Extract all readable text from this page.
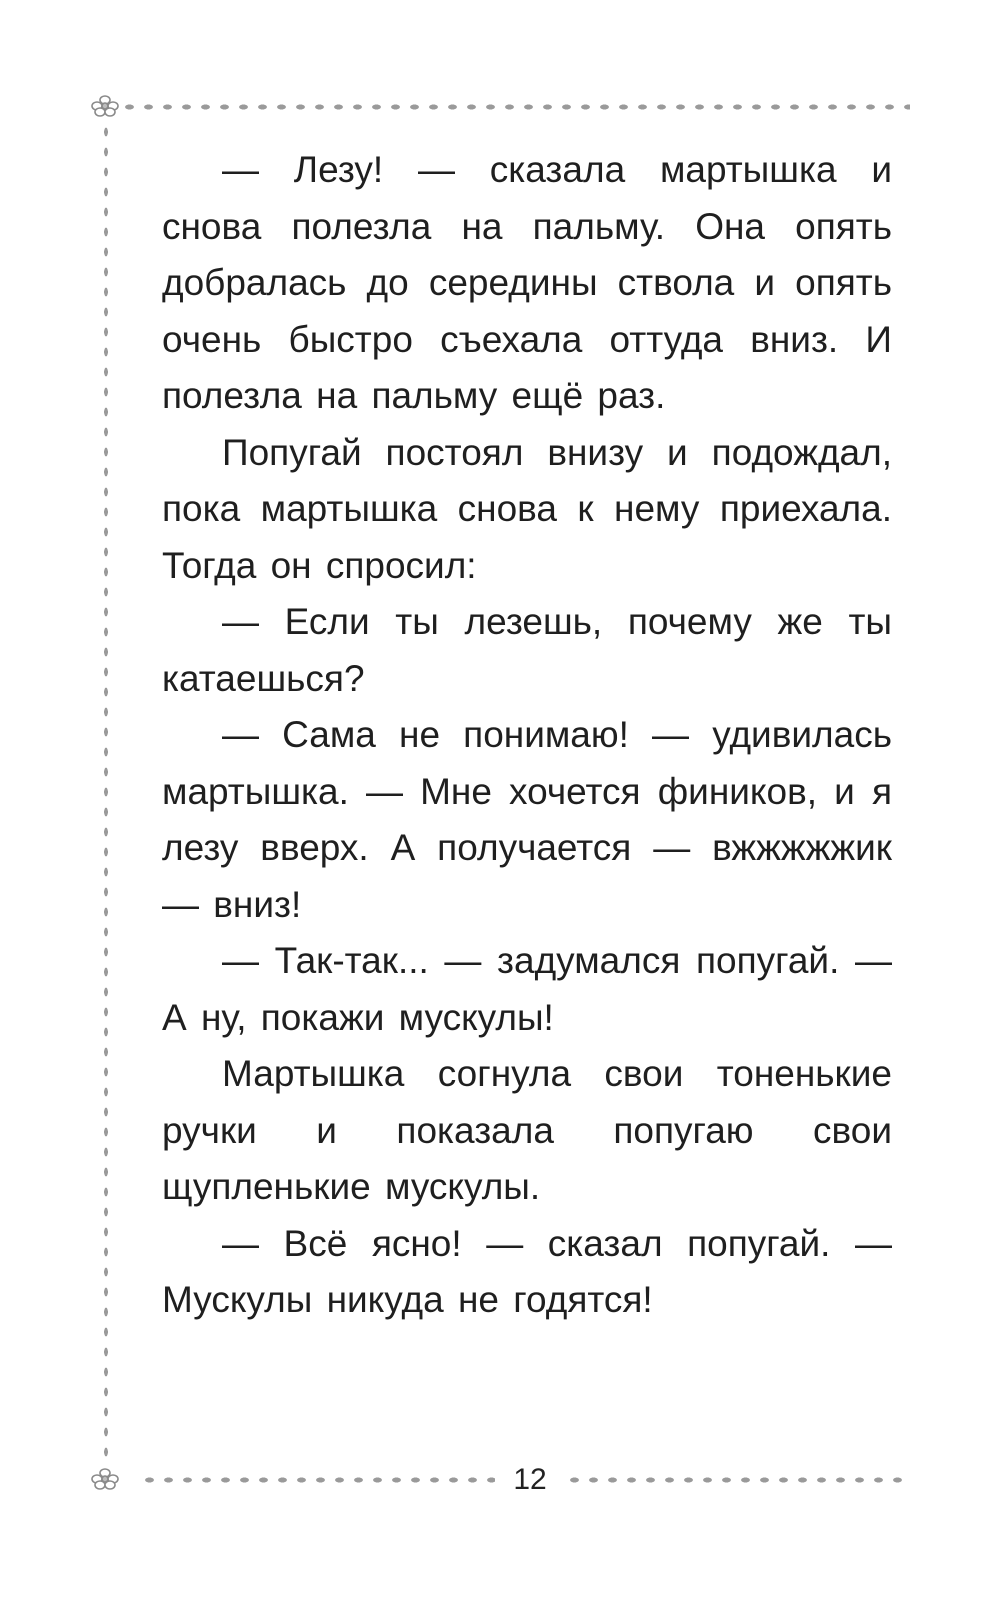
— Лезу! — сказала мартышка и снова полезла на пальму. Она опять добралась до середины ствола и опять очень быстро съехала оттуда вниз. И полезла на пальму ещё раз.

Попугай постоял внизу и подождал, пока мартышка снова к нему приехала. Тогда он спросил:

— Если ты лезешь, почему же ты катаешься?

— Сама не понимаю! — удивилась мартышка. — Мне хочется фиников, и я лезу вверх. А получается — вжжжжжик — вниз!

— Так-так... — задумался попугай. — А ну, покажи мускулы!

Мартышка согнула свои тоненькие ручки и показала попугаю свои щупленькие мускулы.

— Всё ясно! — сказал попугай. — Мускулы никуда не годятся!

12
